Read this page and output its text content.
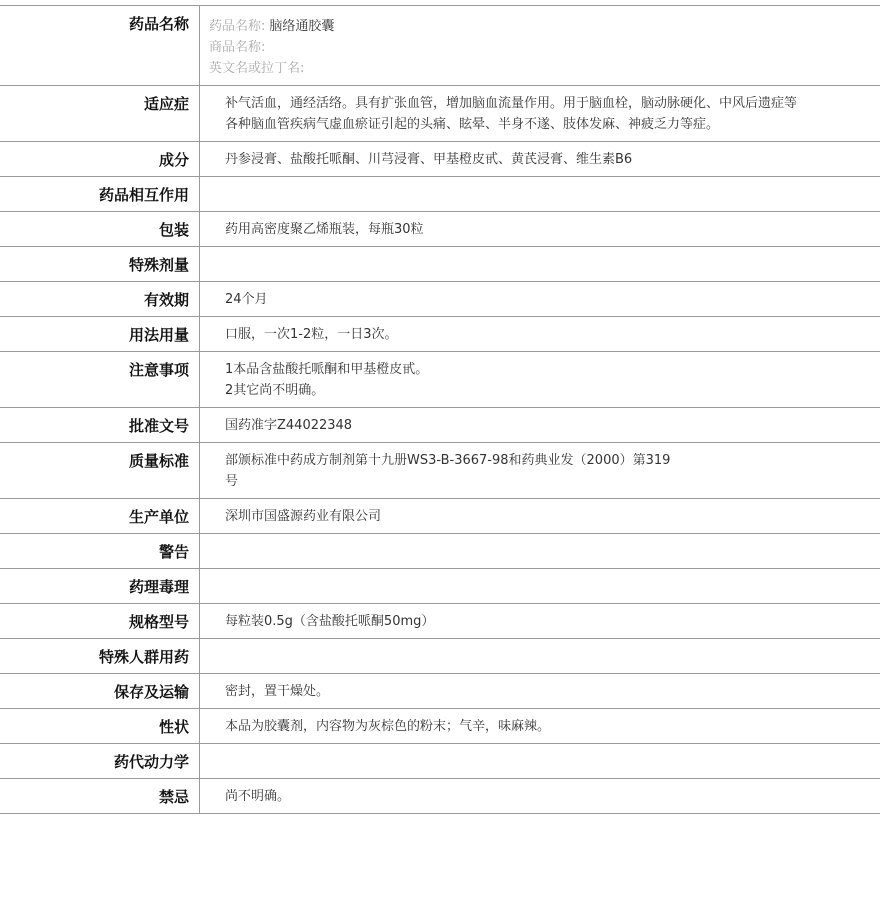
药品名称	药品名称: 脑络通胶囊
商品名称:
英文名或拉丁名:

适应症	补气活血，通经活络。具有扩张血管，增加脑血流量作用。用于脑血栓，脑动脉硬化、中风后遗症等各种脑血管疾病气虚血瘀证引起的头痛、眩晕、半身不遂、肢体发麻、神疲乏力等症。
成分	丹参浸膏、盐酸托哌酮、川芎浸膏、甲基橙皮甙、黄芪浸膏、维生素B6
药品相互作用	
包装	药用高密度聚乙烯瓶装，每瓶30粒
特殊剂量	
有效期	24个月
用法用量	口服，一次1-2粒，一日3次。
注意事项	1本品含盐酸托哌酮和甲基橙皮甙。
2其它尚不明确。

批准文号	国药准字Z44022348
质量标准	部颁标准中药成方制剂第十九册WS3-B-3667-98和药典业发（2000）第319
号

生产单位	深圳市国盛源药业有限公司
警告	
药理毒理	
规格型号	每粒装0.5g（含盐酸托哌酮50mg）
特殊人群用药	
保存及运输	密封，置干燥处。
性状	本品为胶囊剂，内容物为灰棕色的粉末；气辛，味麻辣。
药代动力学	
禁忌	尚不明确。
